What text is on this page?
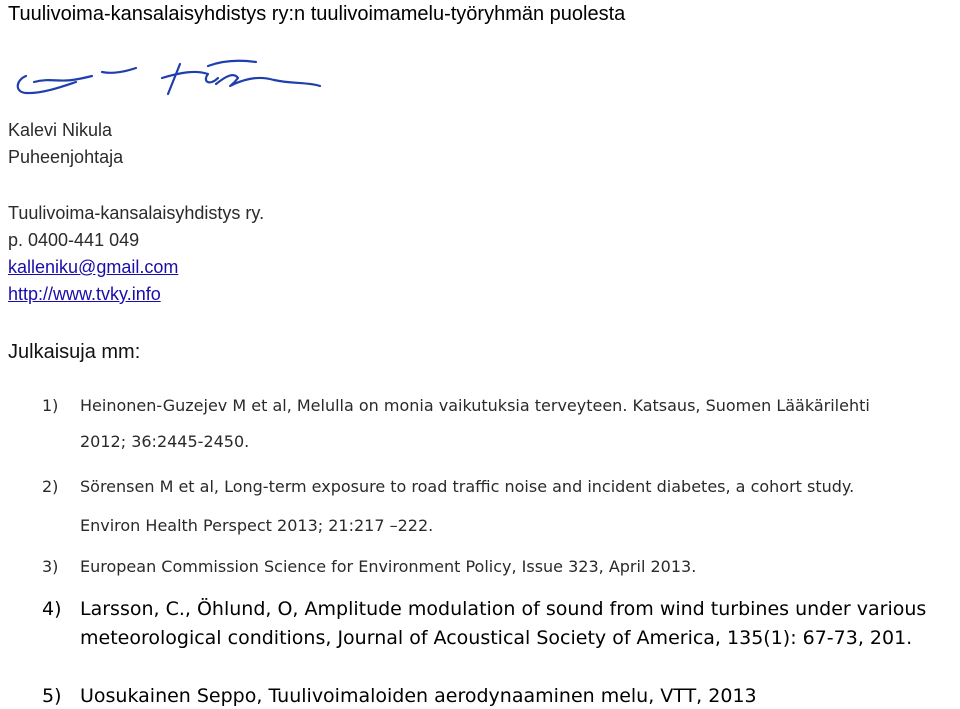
Tuulivoima-kansalaisyhdistys ry:n tuulivoimamelu-työryhmän puolesta
Kalevi Nikula
Puheenjohtaja
Tuulivoima-kansalaisyhdistys ry.
p. 0400-441 049
kalleniku@gmail.com
http://www.tvky.info
Julkaisuja mm:
1) Heinonen-Guzejev M et al, Melulla on monia vaikutuksia terveyteen. Katsaus, Suomen Lääkärilehti
2012; 36:2445-2450.
2) Sörensen M et al, Long-term exposure to road traffic noise and incident diabetes, a cohort study.
Environ Health Perspect 2013; 21:217 –222.
3) European Commission Science for Environment Policy, Issue 323, April 2013.
4) Larsson, C., Öhlund, O, Amplitude modulation of sound from wind turbines under various
meteorological conditions, Journal of Acoustical Society of America, 135(1): 67-73, 201.
5) Uosukainen Seppo, Tuulivoimaloiden aerodynaaminen melu, VTT, 2013
